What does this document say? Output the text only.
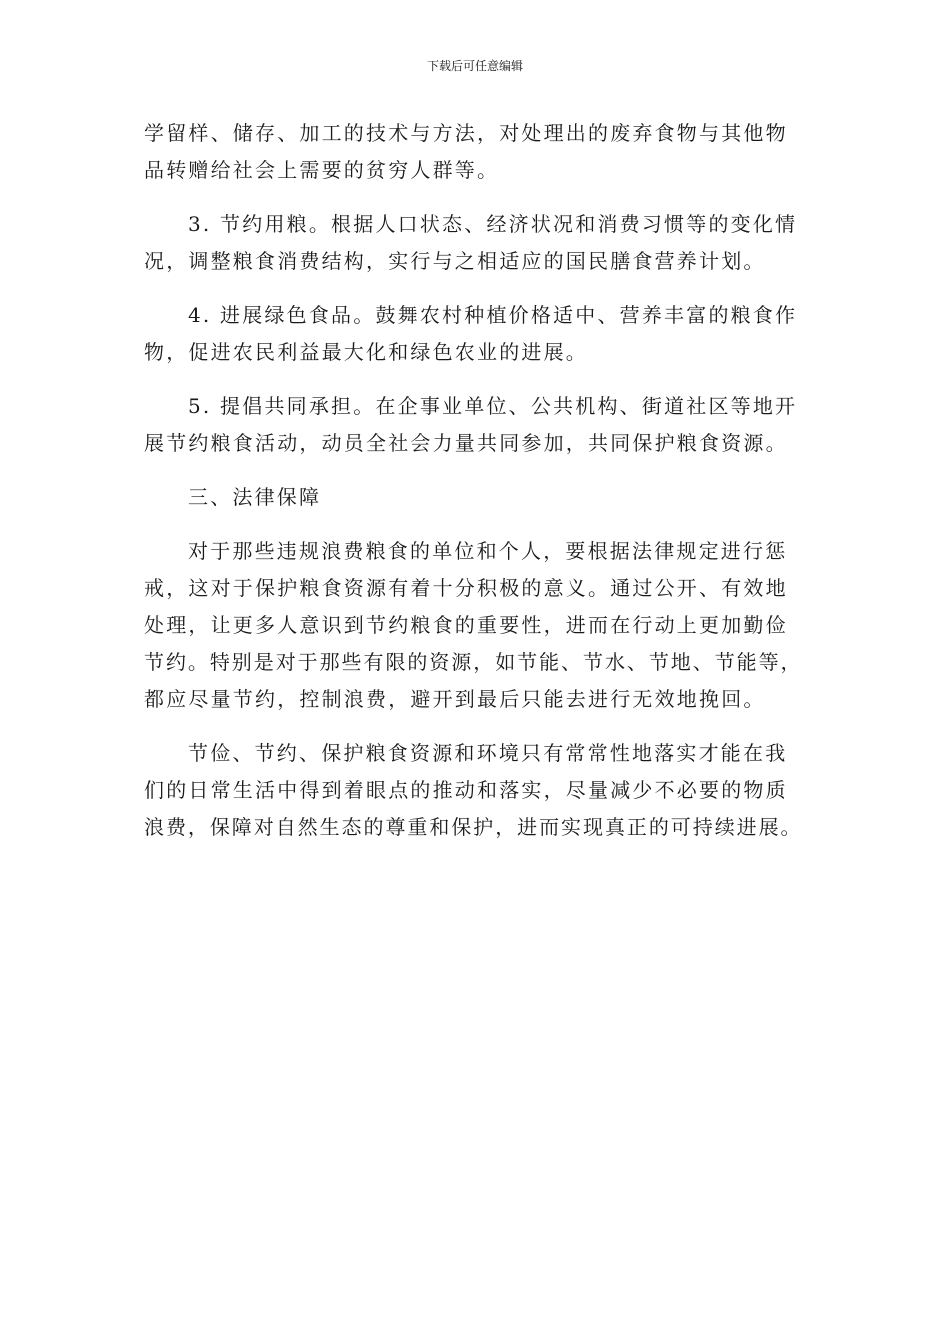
下载后可任意编辑

学留样、储存、加工的技术与方法，对处理出的废弃食物与其他物
品转赠给社会上需要的贫穷人群等。

3. 节约用粮。根据人口状态、经济状况和消费习惯等的变化情
况，调整粮食消费结构，实行与之相适应的国民膳食营养计划。

4. 进展绿色食品。鼓舞农村种植价格适中、营养丰富的粮食作
物，促进农民利益最大化和绿色农业的进展。

5. 提倡共同承担。在企事业单位、公共机构、街道社区等地开
展节约粮食活动，动员全社会力量共同参加，共同保护粮食资源。

三、法律保障

对于那些违规浪费粮食的单位和个人，要根据法律规定进行惩
戒，这对于保护粮食资源有着十分积极的意义。通过公开、有效地
处理，让更多人意识到节约粮食的重要性，进而在行动上更加勤俭
节约。特别是对于那些有限的资源，如节能、节水、节地、节能等，
都应尽量节约，控制浪费，避开到最后只能去进行无效地挽回。

节俭、节约、保护粮食资源和环境只有常常性地落实才能在我
们的日常生活中得到着眼点的推动和落实，尽量减少不必要的物质
浪费，保障对自然生态的尊重和保护，进而实现真正的可持续进展。
